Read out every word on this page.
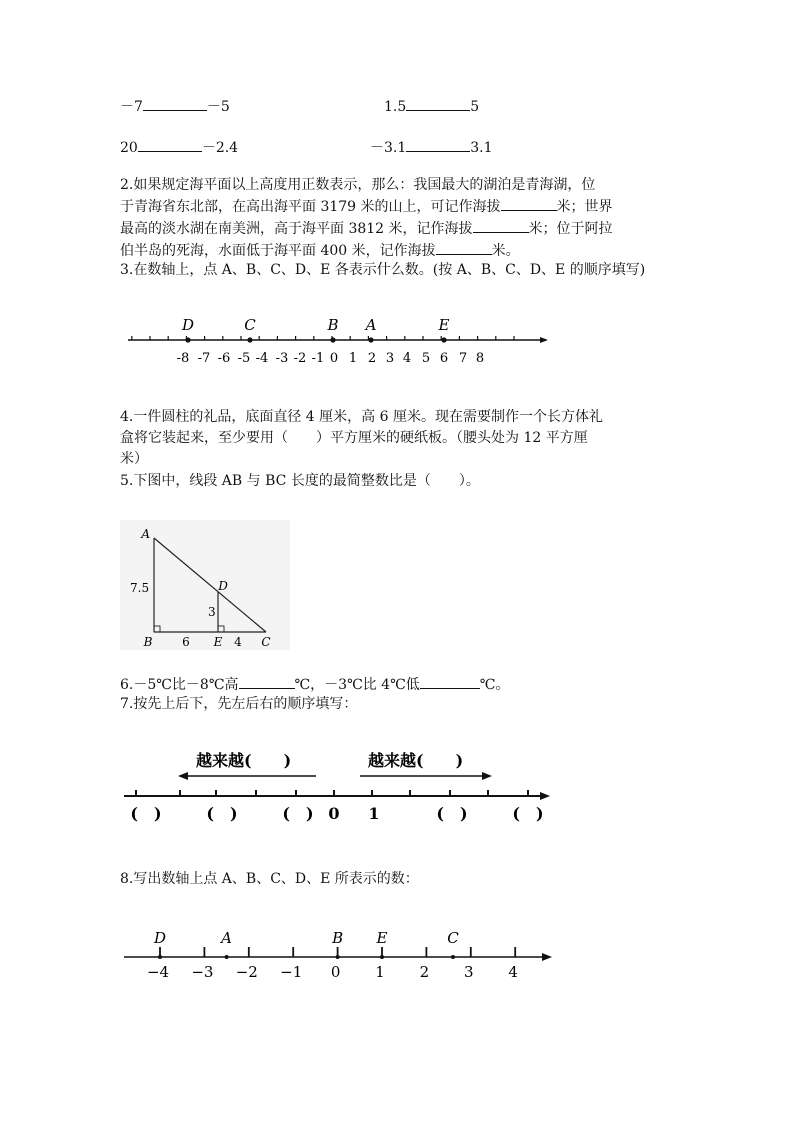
－7	－5	1.5	5
20	－2.4	－3.1	3.1
2.如果规定海平面以上高度用正数表示，那么：我国最大的湖泊是青海湖，位
于青海省东北部，在高出海平面 3179 米的山上，可记作海拔	米；世界
最高的淡水湖在南美洲，高于海平面 3812 米，记作海拔	米；位于阿拉
伯半岛的死海，水面低于海平面 400 米，记作海拔	米。
3.在数轴上，点 A、B、C、D、E 各表示什么数。(按 A、B、C、D、E 的顺序填写)
-8 -7 -6 -5 -4 -3 -2 -1 0 1 2 3 4 5 6 7 8
D	C	B A	E
4.一件圆柱的礼品，底面直径 4 厘米，高 6 厘米。现在需要制作一个长方体礼
盒将它装起来，至少要用（　　）平方厘米的硬纸板。（腰头处为 12 平方厘
米）
5.下图中，线段 AB 与 BC 长度的最简整数比是（　　）。
A
B	C
D
E
7.5
3
6	4
6.－5℃比－8℃高	℃，－3℃比 4℃低	℃。
7.按先上后下，先左后右的顺序填写：
越来越(　　)	越来越(　　)
(　)	(　)	(　) 0 1	(　)	(　)
8.写出数轴上点 A、B、C、D、E 所表示的数：
−4 −3 −2 −1 0 1 2 3 4
D	A	B E	C
